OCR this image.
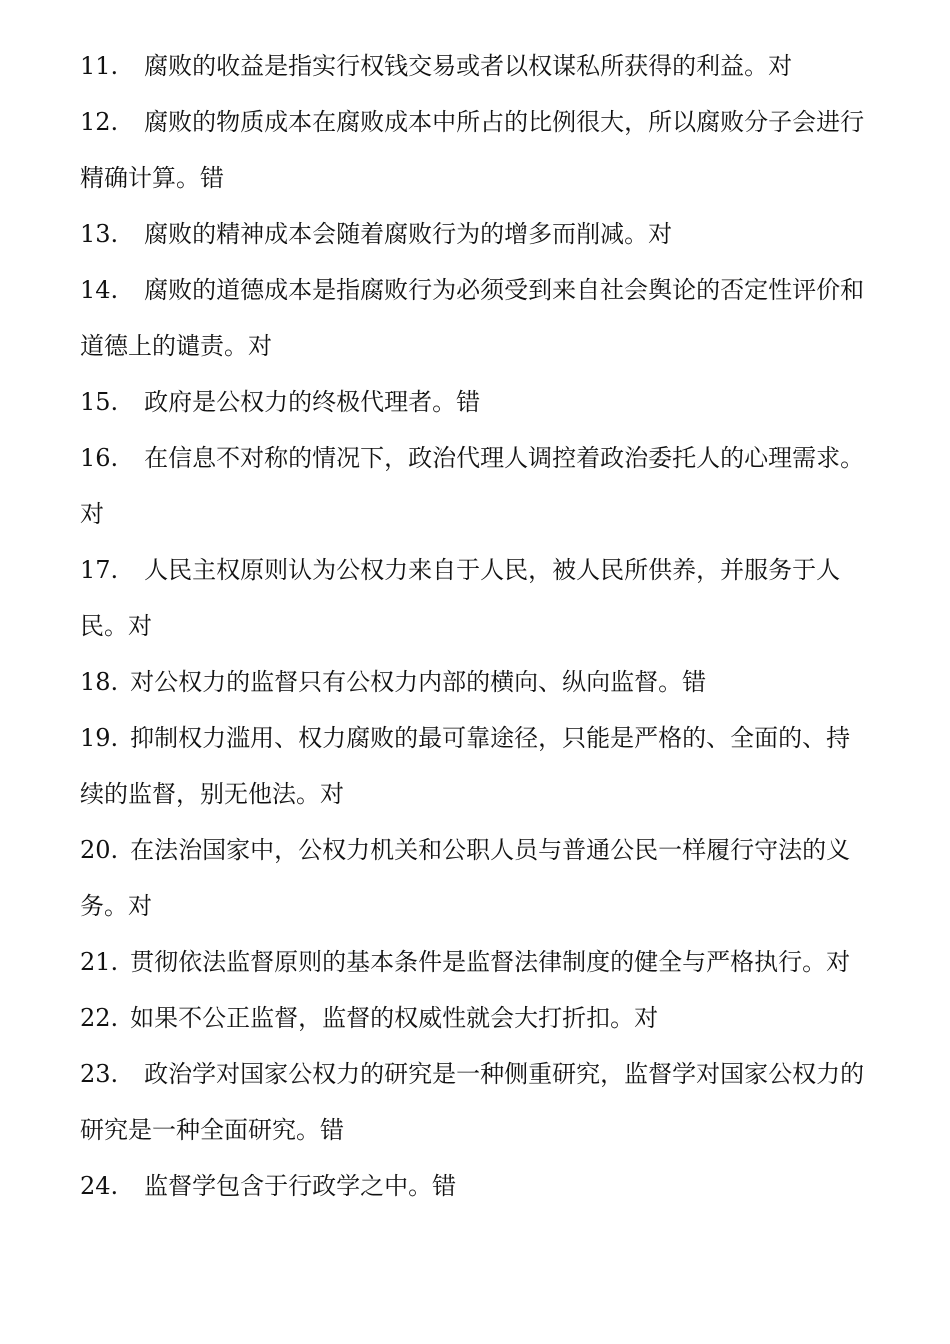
11. 腐败的收益是指实行权钱交易或者以权谋私所获得的利益。对

12. 腐败的物质成本在腐败成本中所占的比例很大，所以腐败分子会进行精确计算。错

13. 腐败的精神成本会随着腐败行为的增多而削减。对

14. 腐败的道德成本是指腐败行为必须受到来自社会舆论的否定性评价和道德上的谴责。对

15. 政府是公权力的终极代理者。错

16. 在信息不对称的情况下，政治代理人调控着政治委托人的心理需求。对

17. 人民主权原则认为公权力来自于人民，被人民所供养，并服务于人民。对

18. 对公权力的监督只有公权力内部的横向、纵向监督。错

19. 抑制权力滥用、权力腐败的最可靠途径，只能是严格的、全面的、持续的监督，别无他法。对

20. 在法治国家中，公权力机关和公职人员与普通公民一样履行守法的义务。对

21. 贯彻依法监督原则的基本条件是监督法律制度的健全与严格执行。对

22. 如果不公正监督，监督的权威性就会大打折扣。对

23. 政治学对国家公权力的研究是一种侧重研究，监督学对国家公权力的研究是一种全面研究。错

24. 监督学包含于行政学之中。错
